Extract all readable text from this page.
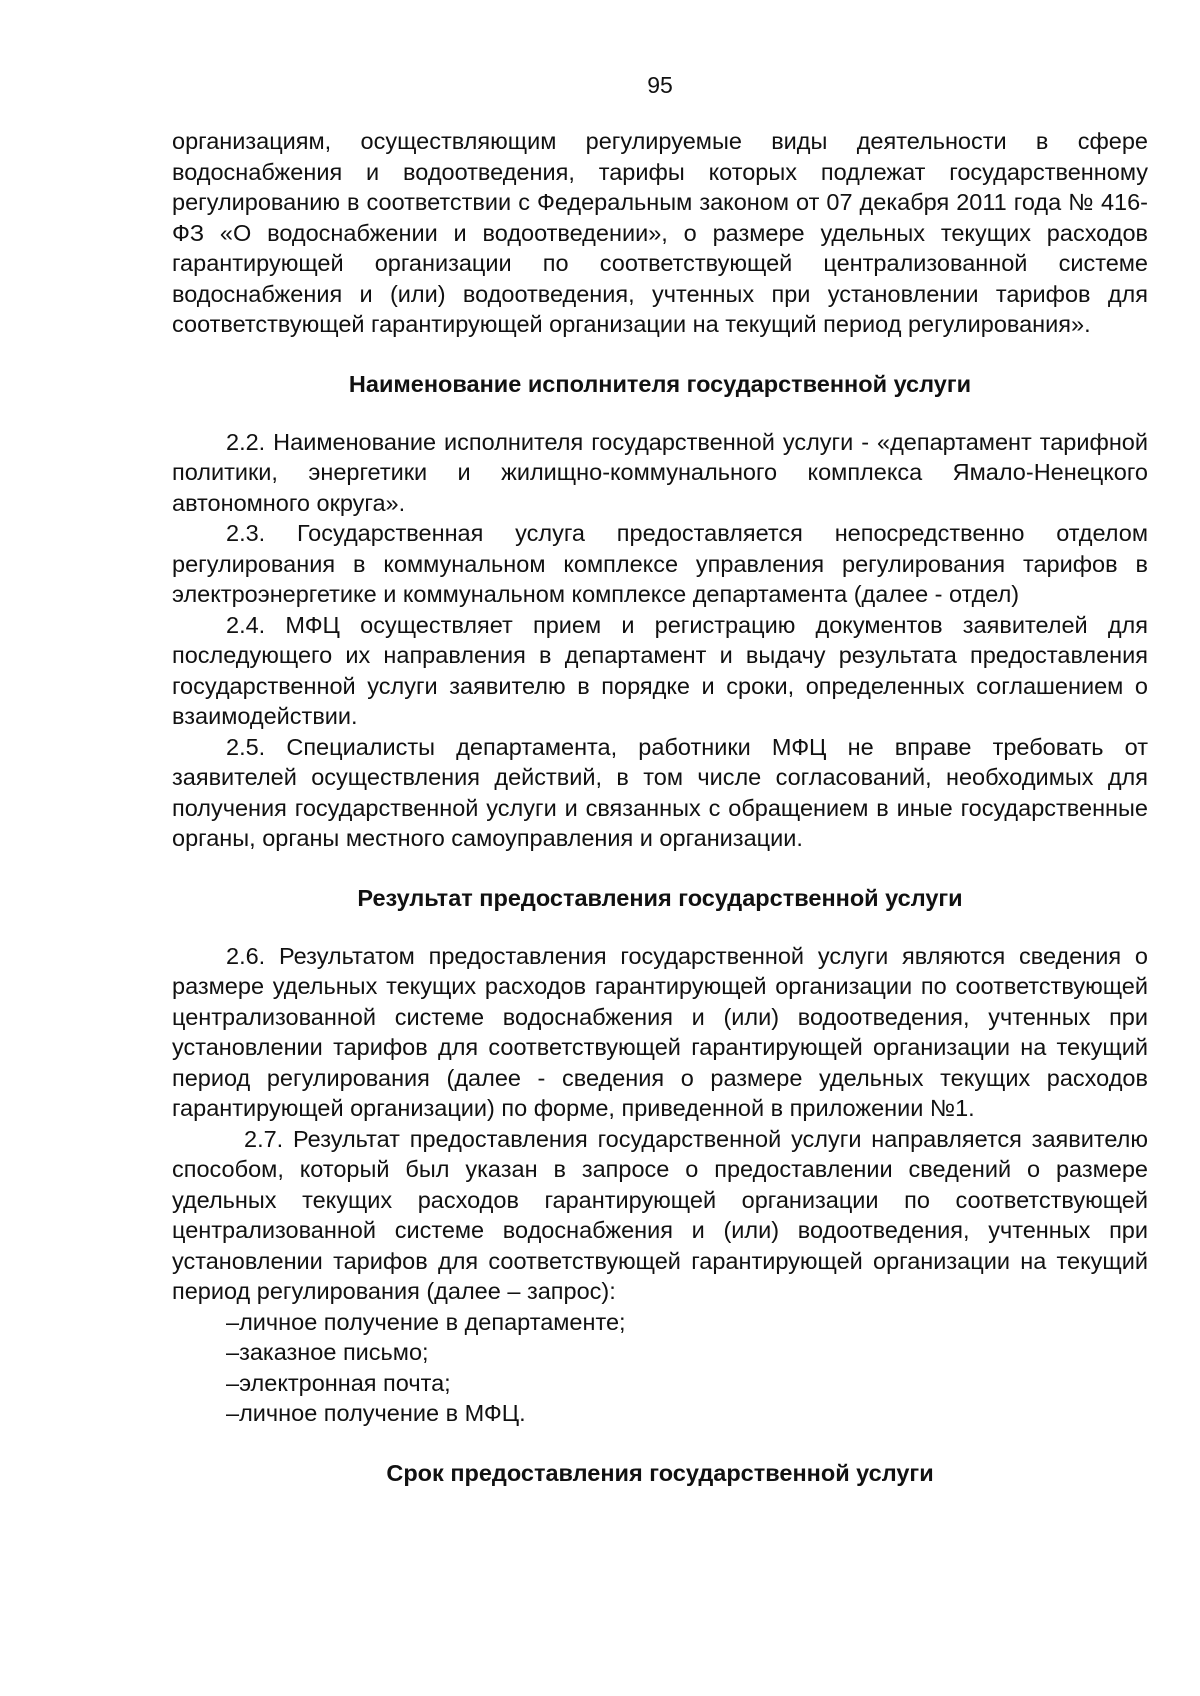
95

организациям, осуществляющим регулируемые виды деятельности в сфере водоснабжения и водоотведения, тарифы которых подлежат государственному регулированию в соответствии с Федеральным законом от 07 декабря 2011 года № 416-ФЗ «О водоснабжении и водоотведении», о размере удельных текущих расходов гарантирующей организации по соответствующей централизованной системе водоснабжения и (или) водоотведения, учтенных при установлении тарифов для соответствующей гарантирующей организации на текущий период регулирования».

Наименование исполнителя государственной услуги

2.2. Наименование исполнителя государственной услуги - «департамент тарифной политики, энергетики и жилищно-коммунального комплекса Ямало-Ненецкого автономного округа».

2.3. Государственная услуга предоставляется непосредственно отделом регулирования в коммунальном комплексе управления регулирования тарифов в электроэнергетике и коммунальном комплексе департамента (далее - отдел)

2.4. МФЦ осуществляет прием и регистрацию документов заявителей для последующего их направления в департамент и выдачу результата предоставления государственной услуги заявителю в порядке и сроки, определенных соглашением о взаимодействии.

2.5. Специалисты департамента, работники МФЦ не вправе требовать от заявителей осуществления действий, в том числе согласований, необходимых для получения государственной услуги и связанных с обращением в иные государственные органы, органы местного самоуправления и организации.

Результат предоставления государственной услуги

2.6. Результатом предоставления государственной услуги являются сведения о размере удельных текущих расходов гарантирующей организации по соответствующей централизованной системе водоснабжения и (или) водоотведения, учтенных при установлении тарифов для соответствующей гарантирующей организации на текущий период регулирования (далее - сведения о размере удельных текущих расходов гарантирующей организации) по форме, приведенной в приложении №1.

2.7. Результат предоставления государственной услуги направляется заявителю способом, который был указан в запросе о предоставлении сведений о размере удельных текущих расходов гарантирующей организации по соответствующей централизованной системе водоснабжения и (или) водоотведения, учтенных при установлении тарифов для соответствующей гарантирующей организации на текущий период регулирования (далее – запрос):

– личное получение в департаменте;
– заказное письмо;
– электронная почта;
– личное получение в МФЦ.
Срок предоставления государственной услуги
